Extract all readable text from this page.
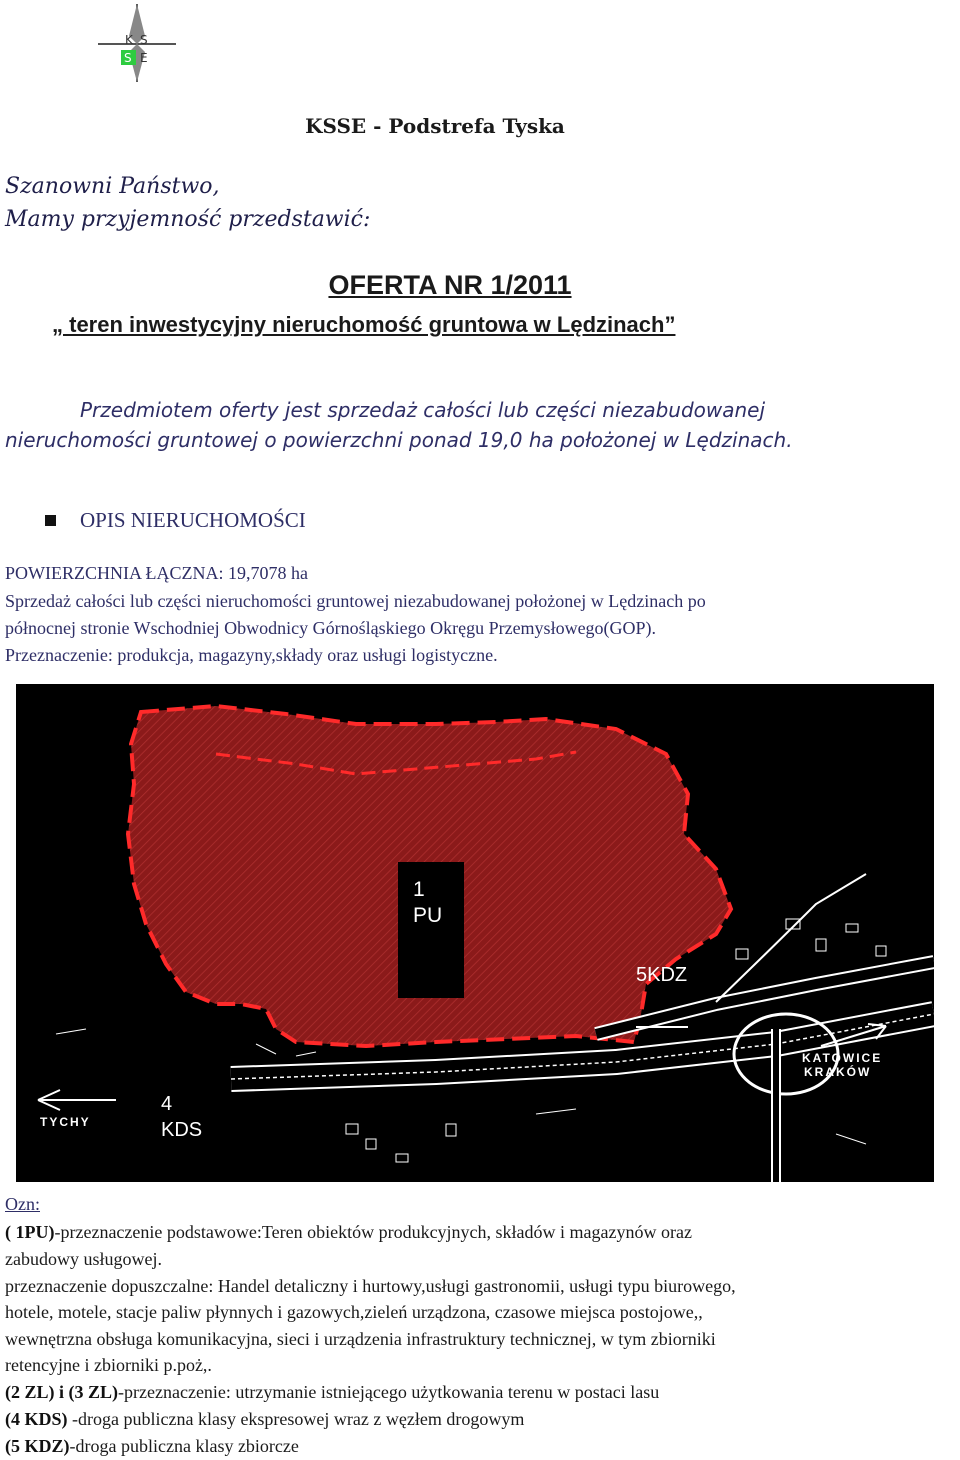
K S
S E
KSSE - Podstrefa Tyska
Szanowni Państwo,
Mamy przyjemność przedstawić:
OFERTA NR 1/2011
„ teren inwestycyjny nieruchomość gruntowa w Lędzinach”
Przedmiotem oferty jest sprzedaż całości lub części niezabudowanej
nieruchomości gruntowej o powierzchni ponad 19,0 ha położonej w Lędzinach.
OPIS NIERUCHOMOŚCI
POWIERZCHNIA ŁĄCZNA: 19,7078 ha
Sprzedaż całości lub części nieruchomości gruntowej niezabudowanej położonej w Lędzinach po
północnej stronie Wschodniej Obwodnicy Górnośląskiego Okręgu Przemysłowego(GOP).
Przeznaczenie: produkcja, magazyny,składy oraz usługi logistyczne.
1
PU
5KDZ
4
KDS
TYCHY
KATOWICE
KRAKÓW
Ozn:
( 1PU)-przeznaczenie podstawowe:Teren obiektów produkcyjnych, składów i magazynów oraz
zabudowy usługowej.
przeznaczenie dopuszczalne: Handel detaliczny i hurtowy,usługi gastronomii, usługi typu biurowego,
hotele, motele, stacje paliw płynnych i gazowych,zieleń urządzona, czasowe miejsca postojowe,,
wewnętrzna obsługa komunikacyjna, sieci i urządzenia infrastruktury technicznej, w tym zbiorniki
retencyjne i zbiorniki p.poż,.
(2 ZL) i (3 ZL)-przeznaczenie: utrzymanie istniejącego użytkowania terenu w postaci lasu
(4 KDS) -droga publiczna klasy ekspresowej wraz z węzłem drogowym
(5 KDZ)-droga publiczna klasy zbiorcze
